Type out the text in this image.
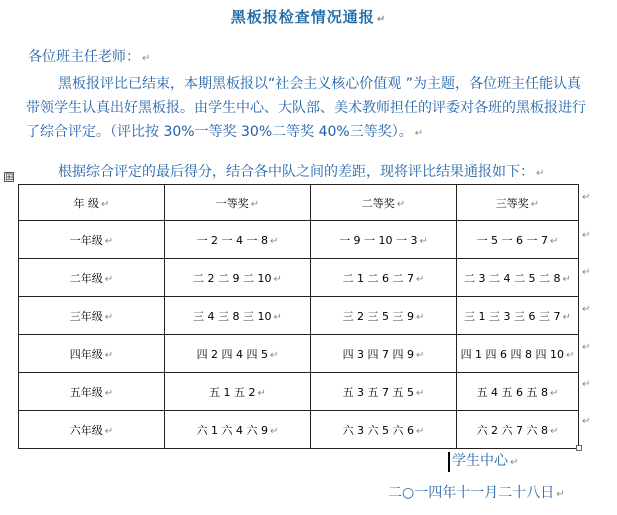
黑板报检查情况通报 ↵

各位班主任老师： ↵

黑板报评比已结束，本期黑板报以“社会主义核心价值观 ”为主题，各位班主任能认真带领学生认真出好黑板报。由学生中心、大队部、美术教师担任的评委对各班的黑板报进行了综合评定。（评比按 30%一等奖 30%二等奖 40%三等奖）。 ↵

根据综合评定的最后得分，结合各中队之间的差距，现将评比结果通报如下： ↵

⊞
年 级 ↵	一等奖 ↵	二等奖 ↵	三等奖 ↵
一年级 ↵	一 2 一 4 一 8 ↵	一 9 一 10 一 3 ↵	一 5 一 6 一 7 ↵
二年级 ↵	二 2 二 9 二 10 ↵	二 1 二 6 二 7 ↵	二 3 二 4 二 5 二 8 ↵
三年级 ↵	三 4 三 8 三 10 ↵	三 2 三 5 三 9 ↵	三 1 三 3 三 6 三 7 ↵
四年级 ↵	四 2 四 4 四 5 ↵	四 3 四 7 四 9 ↵	四 1 四 6 四 8 四 10 ↵
五年级 ↵	五 1 五 2 ↵	五 3 五 7 五 5 ↵	五 4 五 6 五 8 ↵
六年级 ↵	六 1 六 4 六 9 ↵	六 3 六 5 六 6 ↵	六 2 六 7 六 8 ↵
↵
↵
↵
↵
↵
↵
↵
学生中心 ↵
二○一四年十一月二十八日 ↵
